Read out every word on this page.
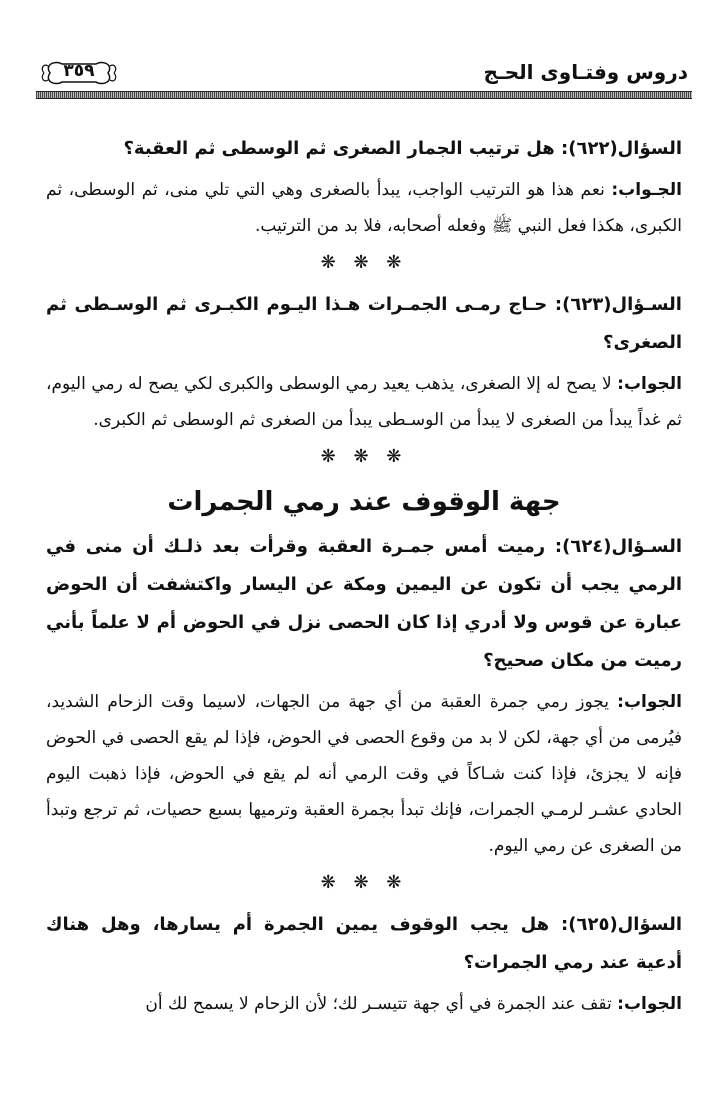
دروس وفتـاوى الحـج
٣٥٩

السؤال(٦٢٢): هل ترتيب الجمار الصغرى ثم الوسطى ثم العقبة؟

الجـواب: نعم هذا هو الترتيب الواجب، يبدأ بالصغرى وهي التي تلي منى، ثم الوسطى، ثم الكبرى، هكذا فعل النبي ﷺ وفعله أصحابه، فلا بد من الترتيب.

❋ ❋ ❋

السـؤال(٦٢٣): حـاج رمـى الجمـرات هـذا اليـوم الكبـرى ثم الوسـطى ثم الصغرى؟

الجواب: لا يصح له إلا الصغرى، يذهب يعيد رمي الوسطى والكبرى لكي يصح له رمي اليوم، ثم غداً يبدأ من الصغرى لا يبدأ من الوسـطى يبدأ من الصغرى ثم الوسطى ثم الكبرى.

❋ ❋ ❋
جهة الوقوف عند رمي الجمرات

السـؤال(٦٢٤): رميت أمس جمـرة العقبة وقرأت بعد ذلـك أن منى في الرمي يجب أن تكون عن اليمين ومكة عن اليسار واكتشفت أن الحوض عبارة عن قوس ولا أدري إذا كان الحصى نزل في الحوض أم لا علماً بأني رميت من مكان صحيح؟

الجواب: يجوز رمي جمرة العقبة من أي جهة من الجهات، لاسيما وقت الزحام الشديد، فيُرمى من أي جهة، لكن لا بد من وقوع الحصى في الحوض، فإذا لم يقع الحصى في الحوض فإنه لا يجزئ، فإذا كنت شـاكاً في وقت الرمي أنه لم يقع في الحوض، فإذا ذهبت اليوم الحادي عشـر لرمـي الجمرات، فإنك تبدأ بجمرة العقبة وترميها بسبع حصيات، ثم ترجع وتبدأ من الصغرى عن رمي اليوم.

❋ ❋ ❋

السؤال(٦٢٥): هل يجب الوقوف يمين الجمرة أم يسارها، وهل هناك أدعية عند رمي الجمرات؟

الجواب: تقف عند الجمرة في أي جهة تتيسـر لك؛ لأن الزحام لا يسمح لك أن
